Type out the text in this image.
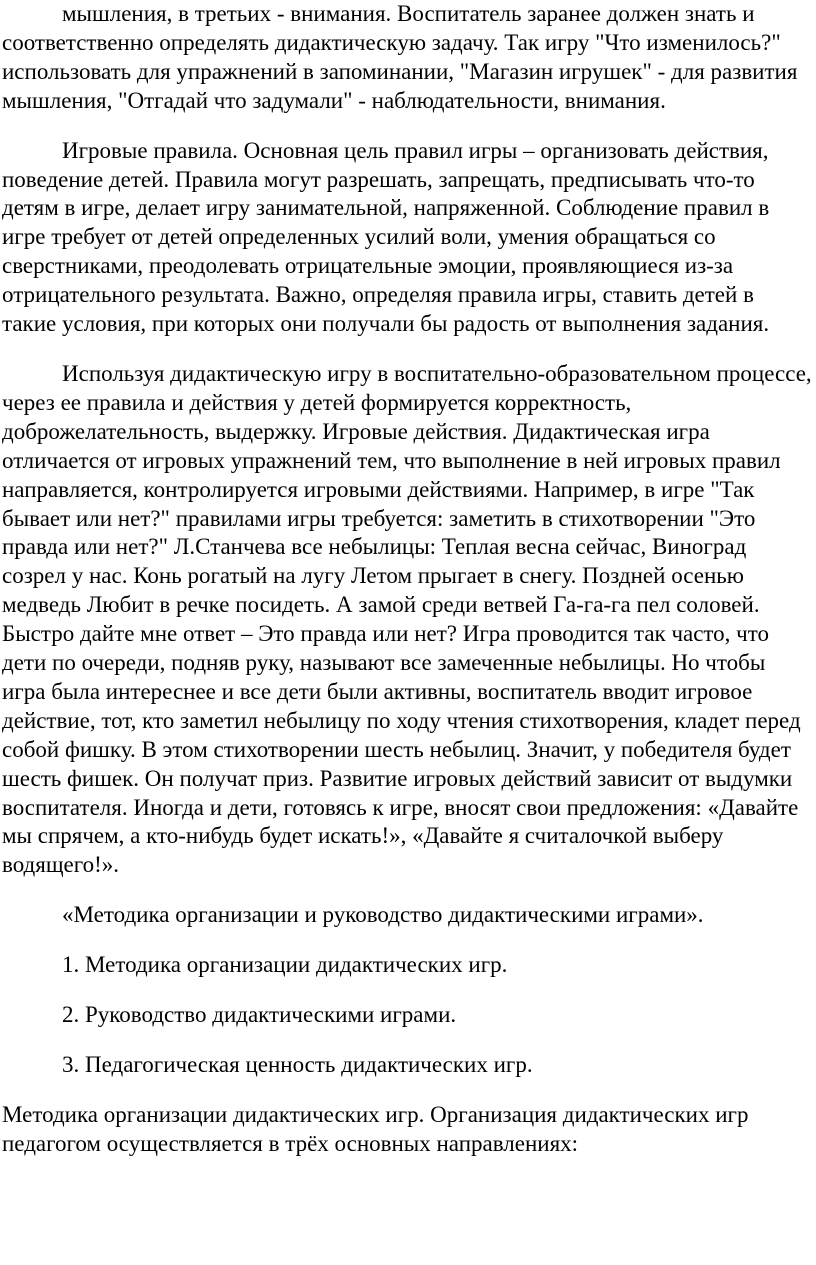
мышления, в третьих - внимания. Воспитатель заранее должен знать и соответственно определять дидактическую задачу. Так игру "Что изменилось?" использовать для упражнений в запоминании, "Магазин игрушек" - для развития мышления, "Отгадай что задумали" - наблюдательности, внимания.

Игровые правила. Основная цель правил игры – организовать действия, поведение детей. Правила могут разрешать, запрещать, предписывать что-то детям в игре, делает игру занимательной, напряженной. Соблюдение правил в игре требует от детей определенных усилий воли, умения обращаться со сверстниками, преодолевать отрицательные эмоции, проявляющиеся из-за отрицательного результата. Важно, определяя правила игры, ставить детей в такие условия, при которых они получали бы радость от выполнения задания.

Используя дидактическую игру в воспитательно-образовательном процессе, через ее правила и действия у детей формируется корректность, доброжелательность, выдержку. Игровые действия. Дидактическая игра отличается от игровых упражнений тем, что выполнение в ней игровых правил направляется, контролируется игровыми действиями. Например, в игре "Так бывает или нет?" правилами игры требуется: заметить в стихотворении "Это правда или нет?" Л.Станчева все небылицы: Теплая весна сейчас, Виноград созрел у нас. Конь рогатый на лугу Летом прыгает в снегу. Поздней осенью медведь Любит в речке посидеть. А замой среди ветвей Га-га-га пел соловей. Быстро дайте мне ответ – Это правда или нет? Игра проводится так часто, что дети по очереди, подняв руку, называют все замеченные небылицы. Но чтобы игра была интереснее и все дети были активны, воспитатель вводит игровое действие, тот, кто заметил небылицу по ходу чтения стихотворения, кладет перед собой фишку. В этом стихотворении шесть небылиц. Значит, у победителя будет шесть фишек. Он получат приз. Развитие игровых действий зависит от выдумки воспитателя. Иногда и дети, готовясь к игре, вносят свои предложения: «Давайте мы спрячем, а кто-нибудь будет искать!», «Давайте я считалочкой выберу водящего!».

«Методика организации и руководство дидактическими играми».

1. Методика организации дидактических игр.

2. Руководство дидактическими играми.

3. Педагогическая ценность дидактических игр.

Методика организации дидактических игр. Организация дидактических игр педагогом осуществляется в трёх основных направлениях:
